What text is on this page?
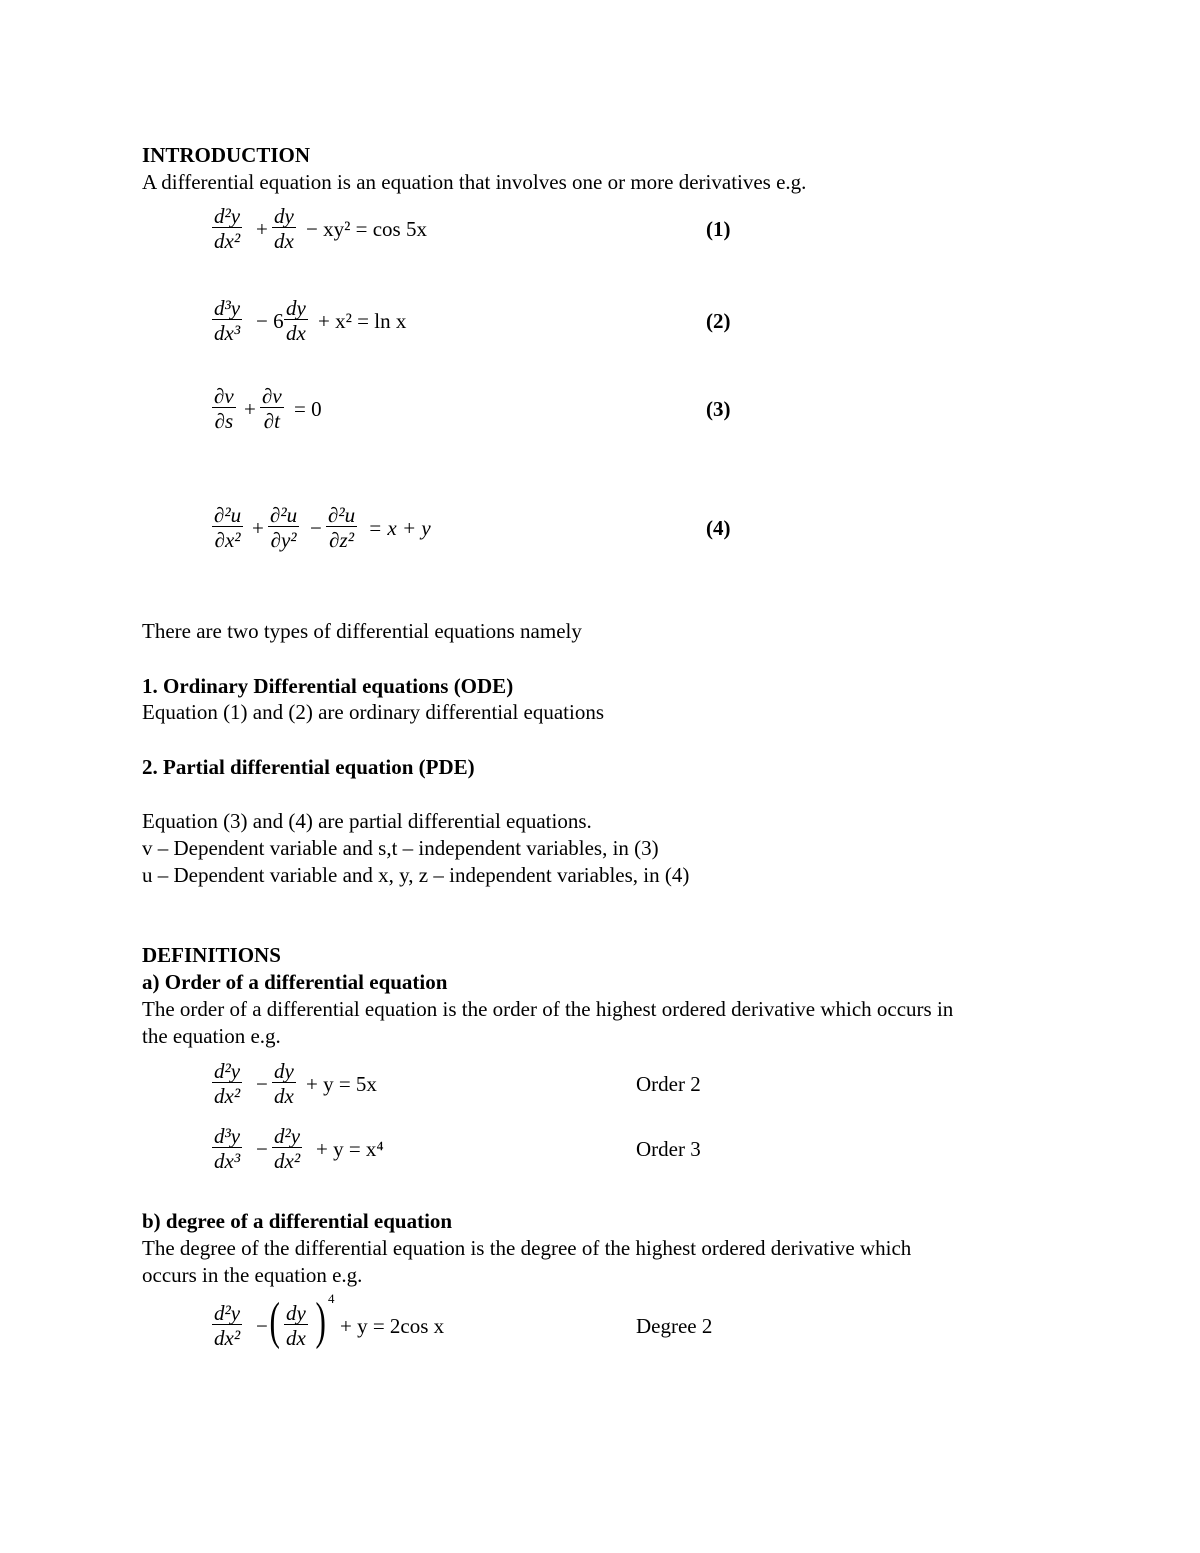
INTRODUCTION
A differential equation is an equation that involves one or more derivatives e.g.
$\frac{\text{d²y}}{\text{dx²}} + \frac{dy}{dx} - xy^2 = \cos 5x$	(1)
$\frac{\text{d³y}}{\text{dx³}} - 6 \frac{dy}{dx} + x^2 = \ln x$	(2)
$\frac{\partial v}{\partial s} + \frac{\partial v}{\partial t} = 0$	(3)
$\frac{\text{∂²u}}{\text{∂x²}} + \frac{\text{∂²u}}{\text{∂y²}} - \frac{\text{∂²u}}{\text{∂z²}} = x + y$	(4)
There are two types of differential equations namely
1. Ordinary Differential equations (ODE)
Equation (1) and (2) are ordinary differential equations
2. Partial differential equation (PDE)
Equation (3) and (4) are partial differential equations.
v – Dependent variable and s,t – independent variables, in (3)
u – Dependent variable and x, y, z – independent variables, in (4)
DEFINITIONS
a) Order of a differential equation
The order of a differential equation is the order of the highest ordered derivative which occurs in
the equation e.g.
$\frac{\text{d²y}}{\text{dx²}} - \frac{dy}{dx} + y = 5x$	Order 2
$\frac{\text{d³y}}{\text{dx³}} - \frac{\text{d²y}}{\text{dx²}} + y = x^4$	Order 3
b) degree of a differential equation
The degree of the differential equation is the degree of the highest ordered derivative which
occurs in the equation e.g.
$\frac{\text{d²y}}{\text{dx²}}$ − ( $\frac{dy}{dx}$ ) 4
+ y = 2cos x	Degree 2
